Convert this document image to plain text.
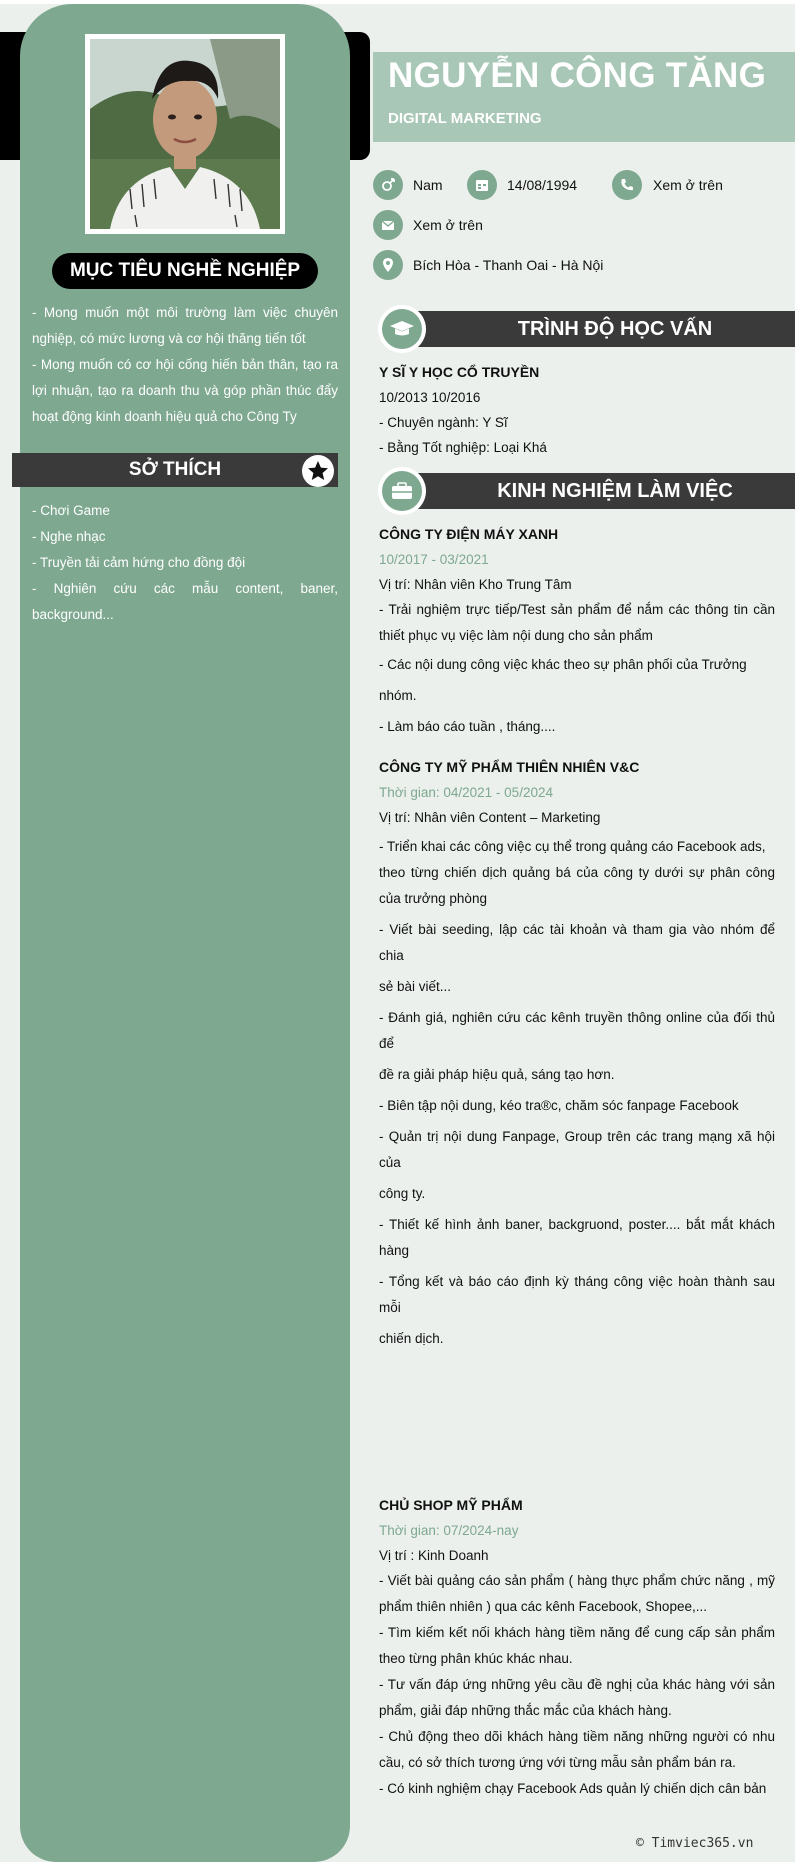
MỤC TIÊU NGHỀ NGHIỆP

- Mong muốn một môi trường làm việc chuyên nghiệp, có mức lương và cơ hội thăng tiến tốt

- Mong muốn có cơ hội cống hiến bản thân, tạo ra lợi nhuận, tạo ra doanh thu và góp phần thúc đẩy hoạt động kinh doanh hiệu quả cho Công Ty

SỞ THÍCH

- Chơi Game

- Nghe nhạc

- Truyền tải cảm hứng cho đồng đội

- Nghiên cứu các mẫu content, baner, background...

NGUYỄN CÔNG TĂNG
DIGITAL MARKETING
Nam	14/08/1994	Xem ở trên
Xem ở trên
Bích Hòa - Thanh Oai - Hà Nội
TRÌNH ĐỘ HỌC VẤN

Y SĨ Y HỌC CỔ TRUYỀN

10/2013 10/2016

- Chuyên ngành: Y Sĩ

- Bằng Tốt nghiệp: Loại Khá

KINH NGHIỆM LÀM VIỆC

CÔNG TY ĐIỆN MÁY XANH

10/2017 - 03/2021

Vị trí: Nhân viên Kho Trung Tâm

- Trải nghiệm trực tiếp/Test sản phẩm để nắm các thông tin cần thiết phục vụ việc làm nội dung cho sản phẩm

- Các nội dung công việc khác theo sự phân phối của Trưởng nhóm.

- Làm báo cáo tuần , tháng....

CÔNG TY MỸ PHẨM THIÊN NHIÊN V&C

Thời gian: 04/2021 - 05/2024

Vị trí: Nhân viên Content – Marketing

- Triển khai các công việc cụ thể trong quảng cáo Facebook ads,

theo từng chiến dịch quảng bá của công ty dưới sự phân công của trưởng phòng

- Viết bài seeding, lập các tài khoản và tham gia vào nhóm để chia

sẻ bài viết...

- Đánh giá, nghiên cứu các kênh truyền thông online của đối thủ để

đề ra giải pháp hiệu quả, sáng tạo hơn.

- Biên tập nội dung, kéo tra®c, chăm sóc fanpage Facebook

- Quản trị nội dung Fanpage, Group trên các trang mạng xã hội của

công ty.

- Thiết kế hình ảnh baner, backgruond, poster.... bắt mắt khách hàng

- Tổng kết và báo cáo định kỳ tháng công việc hoàn thành sau mỗi

chiến dịch.

CHỦ SHOP MỸ PHẨM

Thời gian: 07/2024-nay

Vị trí : Kinh Doanh

- Viết bài quảng cáo sản phẩm ( hàng thực phẩm chức năng , mỹ phẩm thiên nhiên ) qua các kênh Facebook, Shopee,...

- Tìm kiếm kết nối khách hàng tiềm năng để cung cấp sản phẩm theo từng phân khúc khác nhau.

- Tư vấn đáp ứng những yêu cầu đề nghị của khác hàng với sản phẩm, giải đáp những thắc mắc của khách hàng.

- Chủ động theo dõi khách hàng tiềm năng những người có nhu cầu, có sở thích tương ứng với từng mẫu sản phẩm bán ra.

- Có kinh nghiệm chạy Facebook Ads quản lý chiến dịch cân bản

© Timviec365.vn
